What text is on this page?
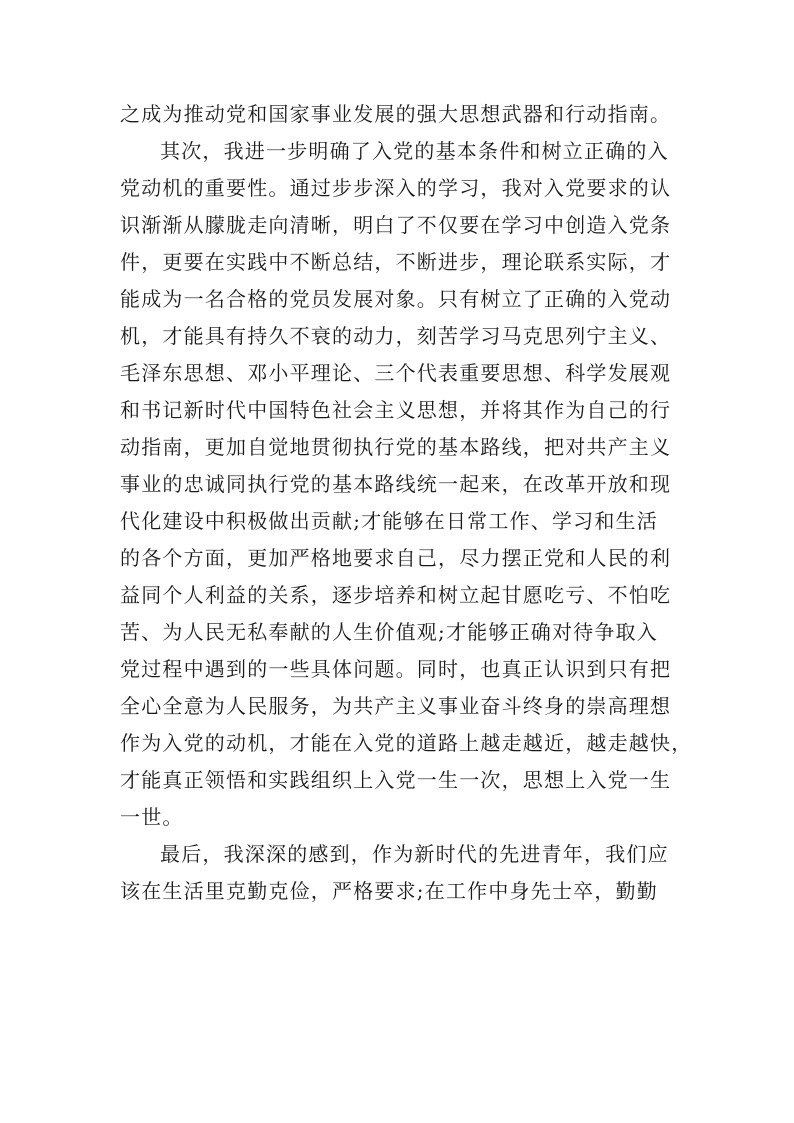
之成为推动党和国家事业发展的强大思想武器和行动指南。
其次，我进一步明确了入党的基本条件和树立正确的入
党动机的重要性。通过步步深入的学习，我对入党要求的认
识渐渐从朦胧走向清晰，明白了不仅要在学习中创造入党条
件，更要在实践中不断总结，不断进步，理论联系实际，才
能成为一名合格的党员发展对象。只有树立了正确的入党动
机，才能具有持久不衰的动力，刻苦学习马克思列宁主义、
毛泽东思想、邓小平理论、三个代表重要思想、科学发展观
和书记新时代中国特色社会主义思想，并将其作为自己的行
动指南，更加自觉地贯彻执行党的基本路线，把对共产主义
事业的忠诚同执行党的基本路线统一起来，在改革开放和现
代化建设中积极做出贡献;才能够在日常工作、学习和生活
的各个方面，更加严格地要求自己，尽力摆正党和人民的利
益同个人利益的关系，逐步培养和树立起甘愿吃亏、不怕吃
苦、为人民无私奉献的人生价值观;才能够正确对待争取入
党过程中遇到的一些具体问题。同时，也真正认识到只有把
全心全意为人民服务，为共产主义事业奋斗终身的崇高理想
作为入党的动机，才能在入党的道路上越走越近，越走越快，
才能真正领悟和实践组织上入党一生一次，思想上入党一生
一世。
最后，我深深的感到，作为新时代的先进青年，我们应
该在生活里克勤克俭，严格要求;在工作中身先士卒，勤勤
